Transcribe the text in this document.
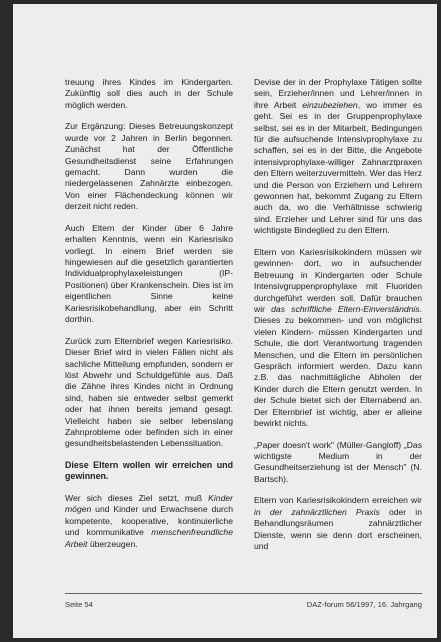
treuung ihres Kindes im Kindergarten. Zukünftig soll dies auch in der Schule möglich werden.

Zur Ergänzung: Dieses Betreuungskonzept wurde vor 2 Jahren in Berlin begonnen. Zunächst hat der Öffentliche Gesundheitsdienst seine Erfahrungen gemacht. Dann wurden die niedergelassenen Zahnärzte einbezogen. Von einer Flächendeckung können wir derzeit nicht reden.

Auch Eltern der Kinder über 6 Jahre erhalten Kenntnis, wenn ein Kariesrisiko vorliegt. In einem Brief werden sie hingewiesen auf die gesetzlich garantierten Individualprophylaxeleistungen (IP-Positionen) über Krankenschein. Dies ist im eigentlichen Sinne keine Kariesrisikobehandlung, aber ein Schritt dorthin.

Zurück zum Elternbrief wegen Kariesrisiko. Dieser Brief wird in vielen Fällen nicht als sachliche Mitteilung empfunden, sondern er löst Abwehr und Schuldgefühle aus. Daß die Zähne ihres Kindes nicht in Ordnung sind, haben sie entweder selbst gemerkt oder hat ihnen bereits jemand gesagt. Vielleicht haben sie selber lebenslang Zahnprobleme oder befinden sich in einer gesundheitsbelastenden Lebenssituation.

Diese Eltern wollen wir erreichen und gewinnen.

Wer sich dieses Ziel setzt, muß Kinder mögen und Kinder und Erwachsene durch kompetente, kooperative, kontinuierliche und kommunikative menschenfreundliche Arbeit überzeugen.

Devise der in der Prophylaxe Tätigen sollte sein, Erzieher/innen und Lehrer/innen in ihre Arbeit einzubeziehen, wo immer es geht. Sei es in der Gruppenprophylaxe selbst, sei es in der Mitarbeit, Bedingungen für die aufsuchende Intensivprophylaxe zu schaffen, sei es in der Bitte, die Angebote intensivprophylaxe-williger Zahnarztpraxen den Eltern weiterzuvermitteln. Wer das Herz und die Person von Erziehern und Lehrern gewonnen hat, bekommt Zugang zu Eltern auch da, wo die Verhältnisse schwierig sind. Erzieher und Lehrer sind für uns das wichtigste Bindeglied zu den Eltern.

Eltern von Kariesrisikokindern müssen wir gewinnen- dort, wo in aufsuchender Betreuung in Kindergarten oder Schule Intensivgruppenprophylaxe mit Fluoriden durchgeführt werden soll. Dafür brauchen wir das schriftliche Eltern-Einverständnis. Dieses zu bekommen- und von möglichst vielen Kindern- müssen Kindergarten und Schule, die dort Verantwortung tragenden Menschen, und die Eltern im persönlichen Gespräch informiert werden. Dazu kann z.B. das nachmittägliche Abholen der Kinder durch die Eltern genutzt werden. In der Schule bietet sich der Elternabend an. Der Elternbrief ist wichtig, aber er alleine bewirkt nichts.

„Paper doesn't work" (Müller-Gangloff) „Das wichtigste Medium in der Gesundheitserziehung ist der Mensch" (N. Bartsch).

Eltern von Kariesrisikokindern erreichen wir in der zahnärztlichen Praxis oder in Behandlungsräumen zahnärztlicher Dienste, wenn sie denn dort erscheinen, und

Seite 54	DAZ-forum 56/1997, 16. Jahrgang
